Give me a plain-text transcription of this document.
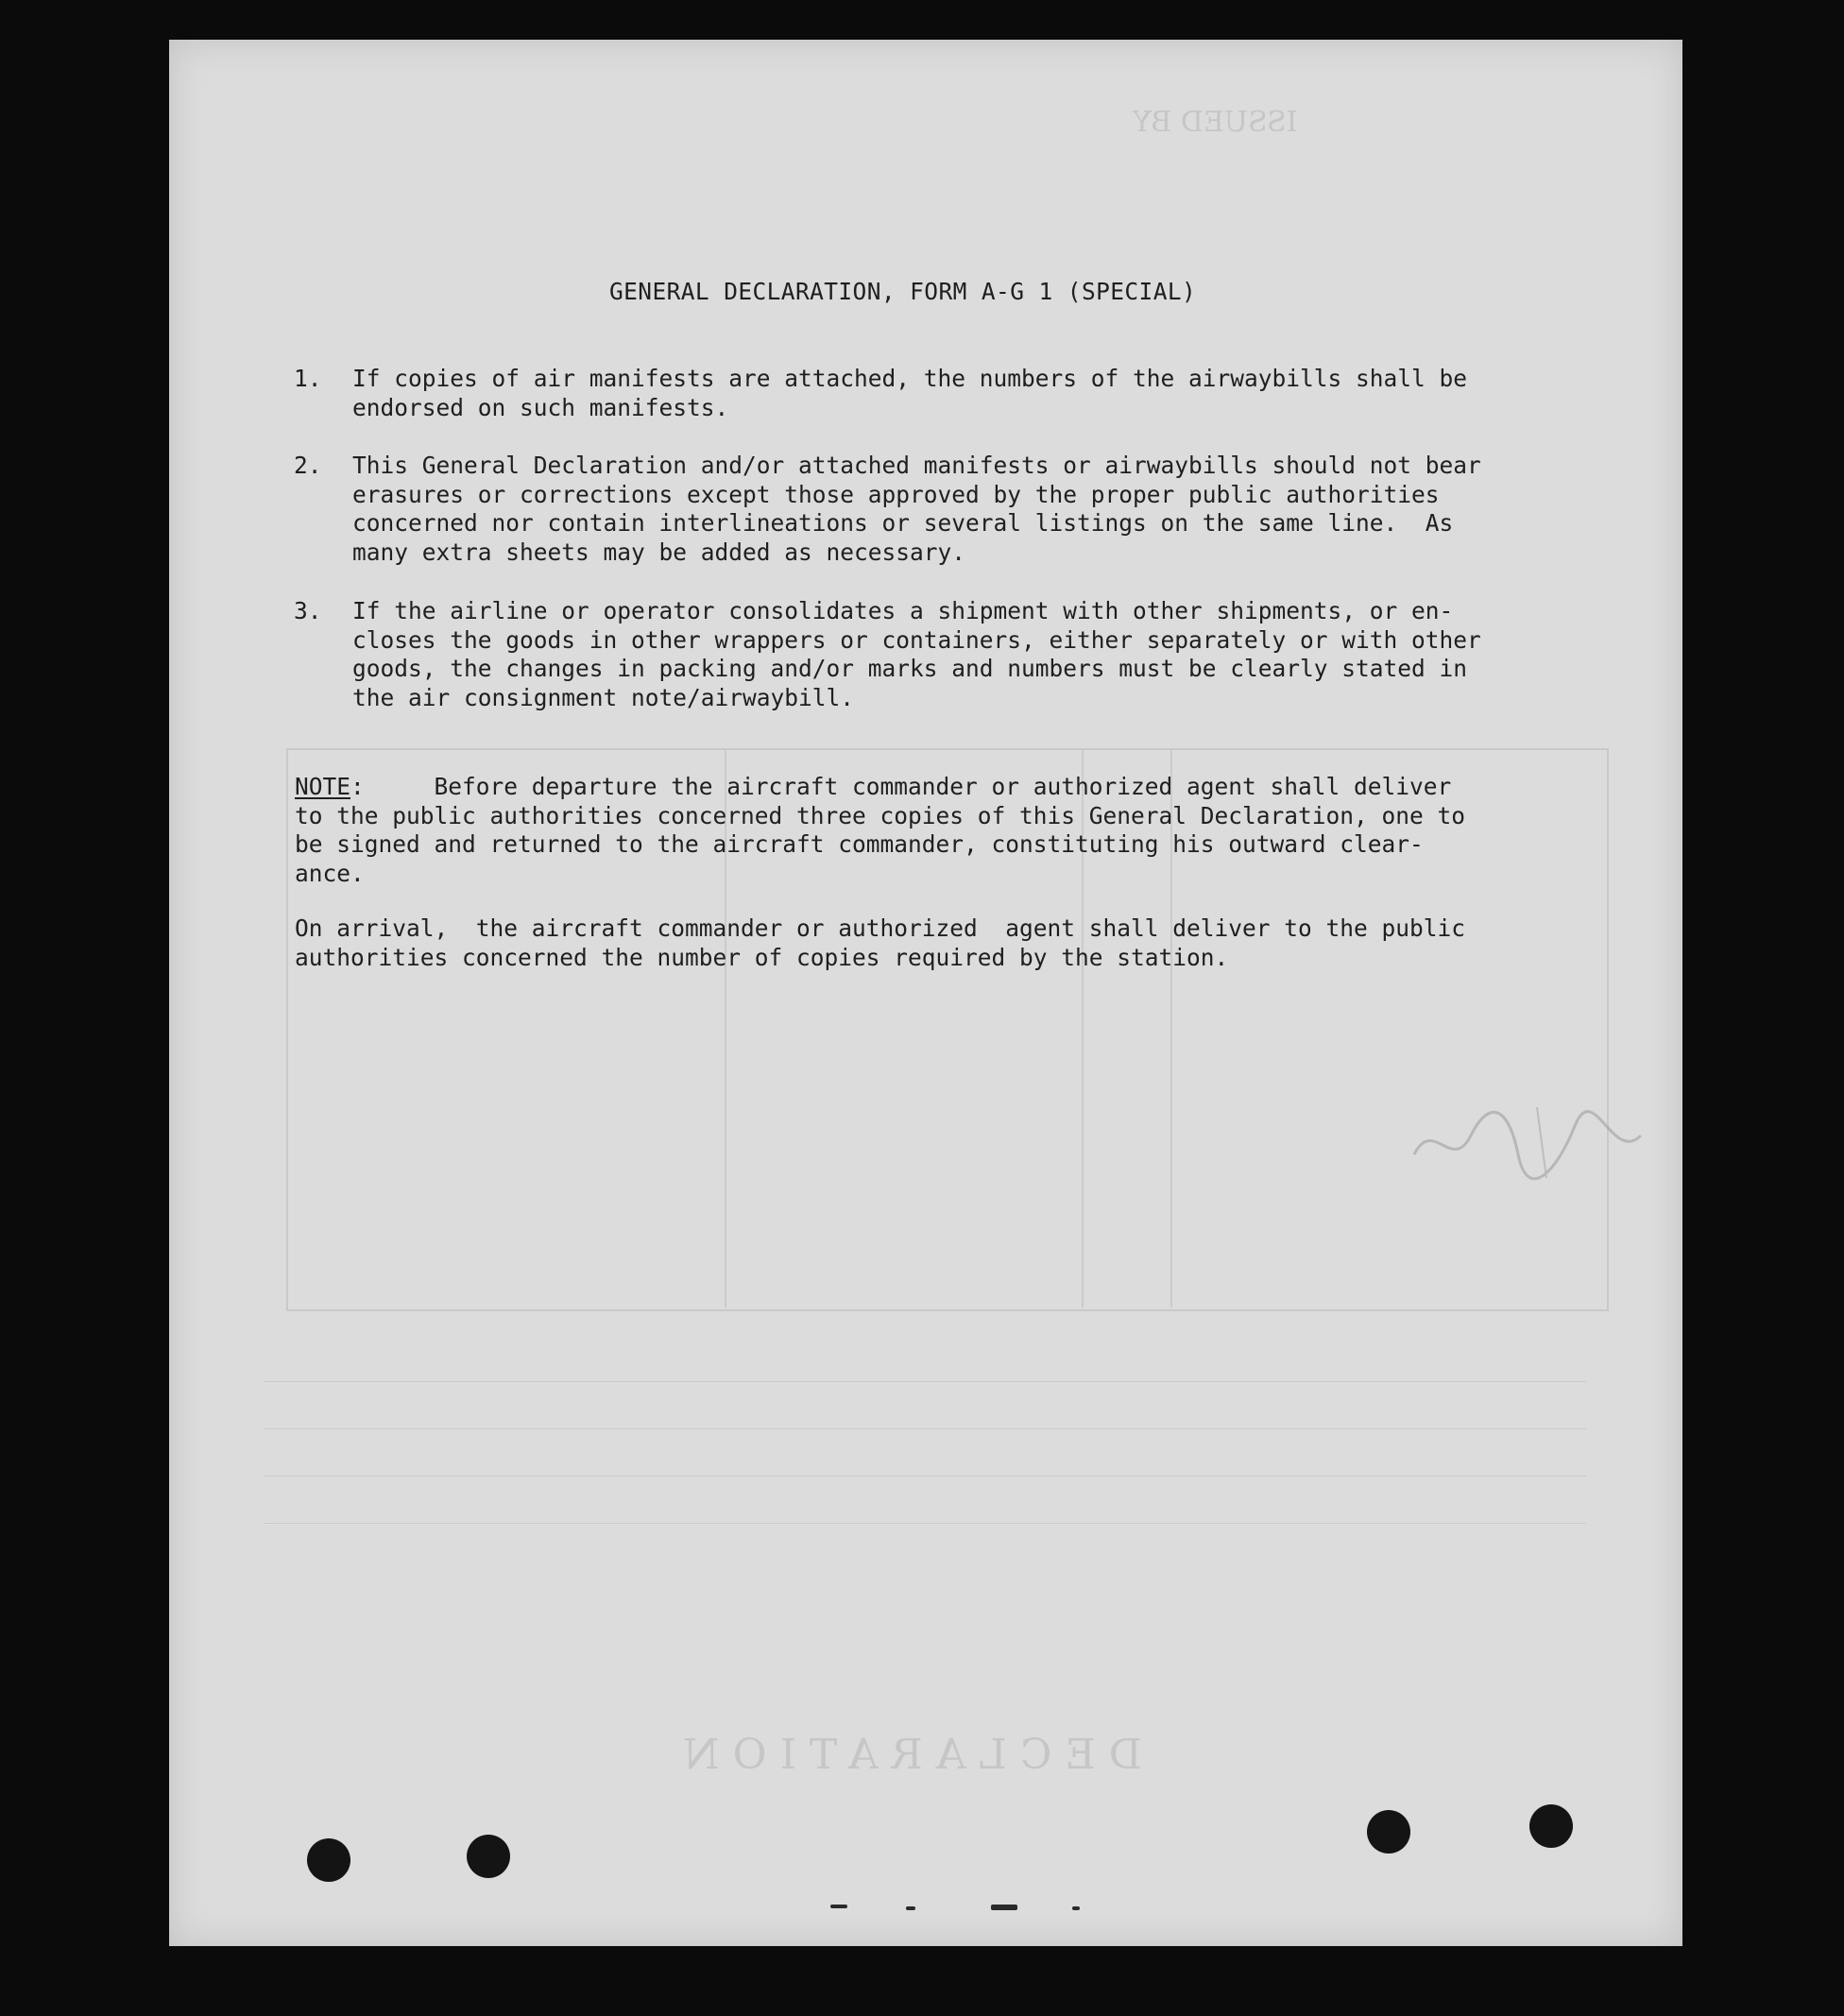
ISSUED BY
DECLARATION
GENERAL DECLARATION, FORM A-G 1 (SPECIAL)
1. If copies of air manifests are attached, the numbers of the airwaybills shall be
endorsed on such manifests.
2. This General Declaration and/or attached manifests or airwaybills should not bear
erasures or corrections except those approved by the proper public authorities
concerned nor contain interlineations or several listings on the same line.  As
many extra sheets may be added as necessary.
3. If the airline or operator consolidates a shipment with other shipments, or en-
closes the goods in other wrappers or containers, either separately or with other
goods, the changes in packing and/or marks and numbers must be clearly stated in
the air consignment note/airwaybill.
NOTE:     Before departure the aircraft commander or authorized agent shall deliver
to the public authorities concerned three copies of this General Declaration, one to
be signed and returned to the aircraft commander, constituting his outward clear-
ance.
On arrival,  the aircraft commander or authorized  agent shall deliver to the public
authorities concerned the number of copies required by the station.
